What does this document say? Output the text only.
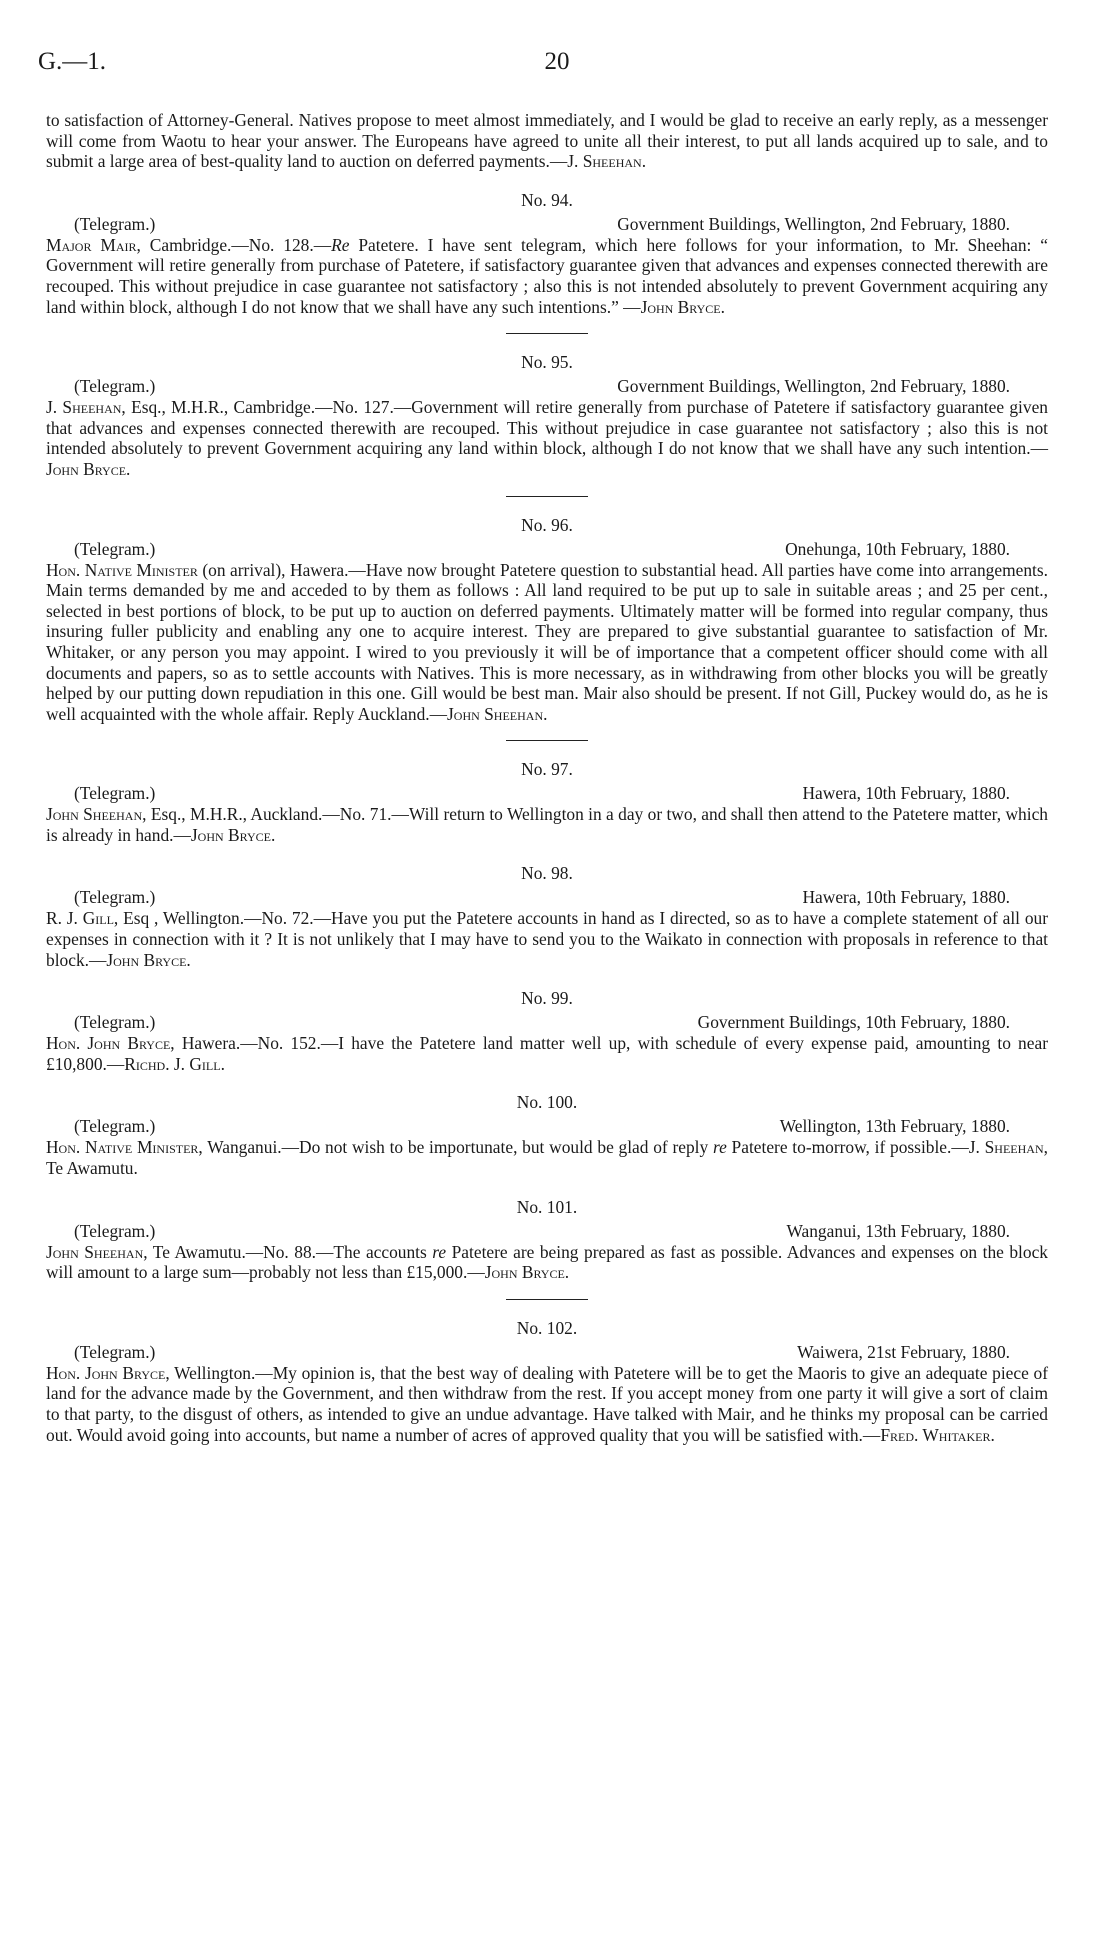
G.—1.	20

to satisfaction of Attorney-General. Natives propose to meet almost immediately, and I would be glad to receive an early reply, as a messenger will come from Waotu to hear your answer. The Europeans have agreed to unite all their interest, to put all lands acquired up to sale, and to submit a large area of best-quality land to auction on deferred payments.—J. Sheehan.

No. 94.
(Telegram.)	Government Buildings, Wellington, 2nd February, 1880.

Major Mair, Cambridge.—No. 128.—Re Patetere. I have sent telegram, which here follows for your information, to Mr. Sheehan: “ Government will retire generally from purchase of Patetere, if satisfactory guarantee given that advances and expenses connected therewith are recouped. This without prejudice in case guarantee not satisfactory ; also this is not intended absolutely to prevent Government acquiring any land within block, although I do not know that we shall have any such intentions.” —John Bryce.

No. 95.
(Telegram.)	Government Buildings, Wellington, 2nd February, 1880.

J. Sheehan, Esq., M.H.R., Cambridge.—No. 127.—Government will retire generally from purchase of Patetere if satisfactory guarantee given that advances and expenses connected therewith are recouped. This without prejudice in case guarantee not satisfactory ; also this is not intended absolutely to prevent Government acquiring any land within block, although I do not know that we shall have any such intention.—John Bryce.

No. 96.
(Telegram.)	Onehunga, 10th February, 1880.

Hon. Native Minister (on arrival), Hawera.—Have now brought Patetere question to substantial head. All parties have come into arrangements. Main terms demanded by me and acceded to by them as follows : All land required to be put up to sale in suitable areas ; and 25 per cent., selected in best portions of block, to be put up to auction on deferred payments. Ultimately matter will be formed into regular company, thus insuring fuller publicity and enabling any one to acquire interest. They are prepared to give substantial guarantee to satisfaction of Mr. Whitaker, or any person you may appoint. I wired to you previously it will be of importance that a competent officer should come with all documents and papers, so as to settle accounts with Natives. This is more necessary, as in withdrawing from other blocks you will be greatly helped by our putting down repudiation in this one. Gill would be best man. Mair also should be present. If not Gill, Puckey would do, as he is well acquainted with the whole affair. Reply Auckland.—John Sheehan.

No. 97.
(Telegram.)	Hawera, 10th February, 1880.

John Sheehan, Esq., M.H.R., Auckland.—No. 71.—Will return to Wellington in a day or two, and shall then attend to the Patetere matter, which is already in hand.—John Bryce.

No. 98.
(Telegram.)	Hawera, 10th February, 1880.

R. J. Gill, Esq , Wellington.—No. 72.—Have you put the Patetere accounts in hand as I directed, so as to have a complete statement of all our expenses in connection with it ? It is not unlikely that I may have to send you to the Waikato in connection with proposals in reference to that block.—John Bryce.

No. 99.
(Telegram.)	Government Buildings, 10th February, 1880.

Hon. John Bryce, Hawera.—No. 152.—I have the Patetere land matter well up, with schedule of every expense paid, amounting to near £10,800.—Richd. J. Gill.

No. 100.
(Telegram.)	Wellington, 13th February, 1880.

Hon. Native Minister, Wanganui.—Do not wish to be importunate, but would be glad of reply re Patetere to-morrow, if possible.—J. Sheehan, Te Awamutu.

No. 101.
(Telegram.)	Wanganui, 13th February, 1880.

John Sheehan, Te Awamutu.—No. 88.—The accounts re Patetere are being prepared as fast as possible. Advances and expenses on the block will amount to a large sum—probably not less than £15,000.—John Bryce.

No. 102.
(Telegram.)	Waiwera, 21st February, 1880.

Hon. John Bryce, Wellington.—My opinion is, that the best way of dealing with Patetere will be to get the Maoris to give an adequate piece of land for the advance made by the Government, and then withdraw from the rest. If you accept money from one party it will give a sort of claim to that party, to the disgust of others, as intended to give an undue advantage. Have talked with Mair, and he thinks my proposal can be carried out. Would avoid going into accounts, but name a number of acres of approved quality that you will be satisfied with.—Fred. Whitaker.
